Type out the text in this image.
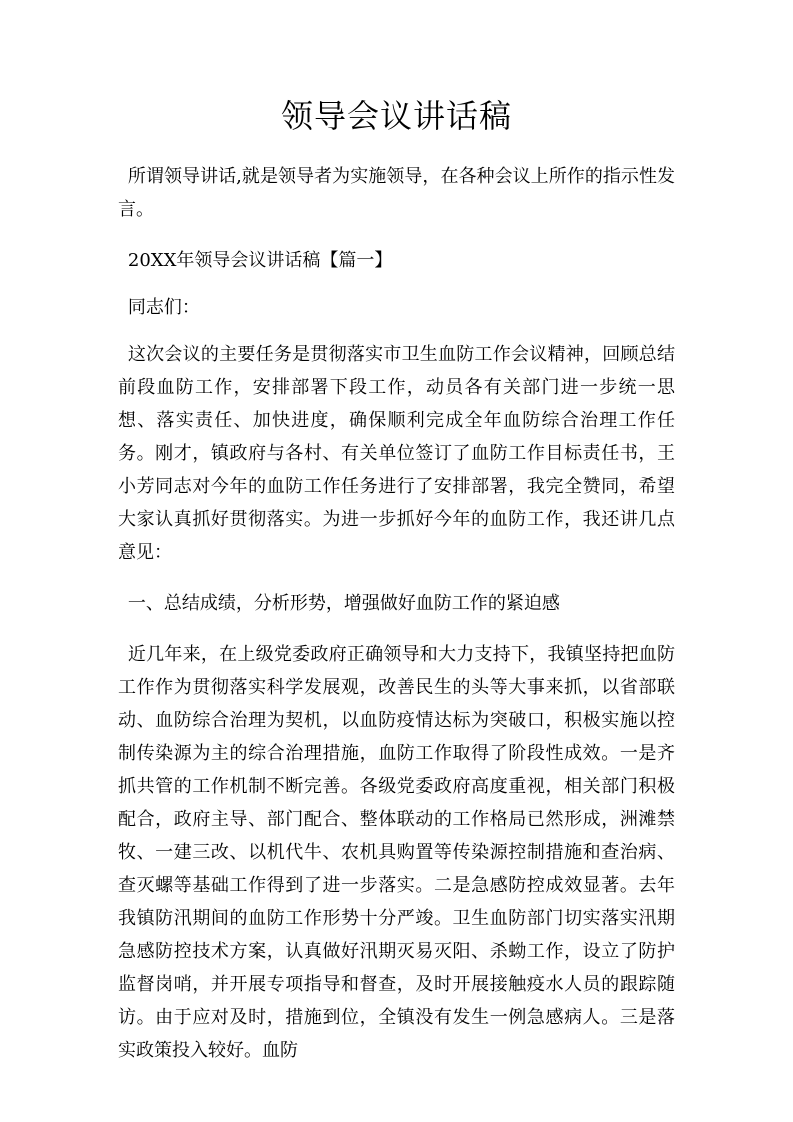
领导会议讲话稿

所谓领导讲话,就是领导者为实施领导，在各种会议上所作的指示性发言。

20XX年领导会议讲话稿【篇一】

同志们：

这次会议的主要任务是贯彻落实市卫生血防工作会议精神，回顾总结前段血防工作，安排部署下段工作，动员各有关部门进一步统一思想、落实责任、加快进度，确保顺利完成全年血防综合治理工作任务。刚才，镇政府与各村、有关单位签订了血防工作目标责任书，王小芳同志对今年的血防工作任务进行了安排部署，我完全赞同，希望大家认真抓好贯彻落实。为进一步抓好今年的血防工作，我还讲几点意见：

一、总结成绩，分析形势，增强做好血防工作的紧迫感

近几年来，在上级党委政府正确领导和大力支持下，我镇坚持把血防工作作为贯彻落实科学发展观，改善民生的头等大事来抓，以省部联动、血防综合治理为契机，以血防疫情达标为突破口，积极实施以控制传染源为主的综合治理措施，血防工作取得了阶段性成效。一是齐抓共管的工作机制不断完善。各级党委政府高度重视，相关部门积极配合，政府主导、部门配合、整体联动的工作格局已然形成，洲滩禁牧、一建三改、以机代牛、农机具购置等传染源控制措施和查治病、查灭螺等基础工作得到了进一步落实。二是急感防控成效显著。去年我镇防汛期间的血防工作形势十分严竣。卫生血防部门切实落实汛期急感防控技术方案，认真做好汛期灭易灭阳、杀蚴工作，设立了防护监督岗哨，并开展专项指导和督查，及时开展接触疫水人员的跟踪随访。由于应对及时，措施到位，全镇没有发生一例急感病人。三是落实政策投入较好。血防
